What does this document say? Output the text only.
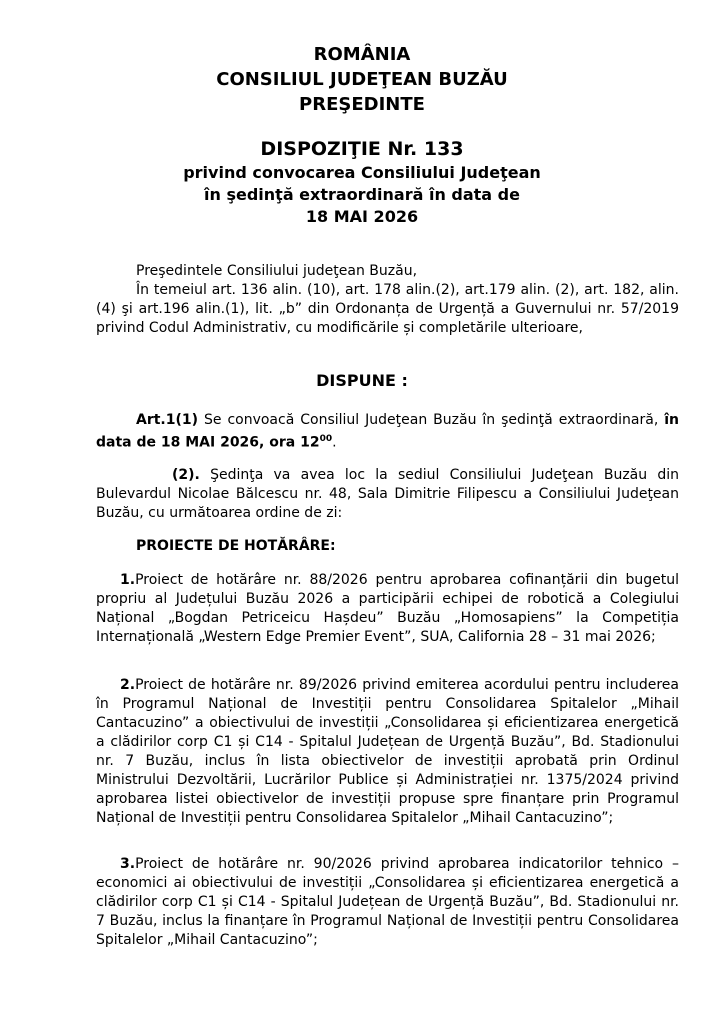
ROMÂNIA
CONSILIUL JUDEŢEAN BUZĂU
PREŞEDINTE
DISPOZIŢIE Nr. 133
privind convocarea Consiliului Judeţean
în şedinţă extraordinară în data de
18 MAI 2026
Preşedintele Consiliului judeţean Buzău,
În temeiul art. 136 alin. (10), art. 178 alin.(2), art.179 alin. (2), art. 182, alin. (4) şi art.196 alin.(1), lit. „b” din Ordonanța de Urgență a Guvernului nr. 57/2019 privind Codul Administrativ, cu modificările și completările ulterioare,
DISPUNE :
Art.1(1) Se convoacă Consiliul Judeţean Buzău în şedinţă extraordinară, în data de 18 MAI 2026, ora $12^{00}$.
(2). Şedinţa va avea loc la sediul Consiliului Judeţean Buzău din Bulevardul Nicolae Bălcescu nr. 48, Sala Dimitrie Filipescu a Consiliului Judeţean Buzău, cu următoarea ordine de zi:
PROIECTE DE HOTĂRÂRE:
1.Proiect de hotărâre nr. 88/2026 pentru aprobarea cofinanțării din bugetul propriu al Județului Buzău 2026 a participării echipei de robotică a Colegiului Național „Bogdan Petriceicu Hașdeu” Buzău „Homosapiens” la Competiția Internațională „Western Edge Premier Event”, SUA, California 28 – 31 mai 2026;
2.Proiect de hotărâre nr. 89/2026 privind emiterea acordului pentru includerea în Programul Național de Investiții pentru Consolidarea Spitalelor „Mihail Cantacuzino” a obiectivului de investiții „Consolidarea și eficientizarea energetică a clădirilor corp C1 și C14 - Spitalul Județean de Urgență Buzău”, Bd. Stadionului nr. 7 Buzău, inclus în lista obiectivelor de investiții aprobată prin Ordinul Ministrului Dezvoltării, Lucrărilor Publice și Administrației nr. 1375/2024 privind aprobarea listei obiectivelor de investiții propuse spre finanțare prin Programul Național de Investiții pentru Consolidarea Spitalelor „Mihail Cantacuzino”;
3.Proiect de hotărâre nr. 90/2026 privind aprobarea indicatorilor tehnico – economici ai obiectivului de investiții „Consolidarea și eficientizarea energetică a clădirilor corp C1 și C14 - Spitalul Județean de Urgență Buzău”, Bd. Stadionului nr. 7 Buzău, inclus la finanțare în Programul Național de Investiții pentru Consolidarea Spitalelor „Mihail Cantacuzino”;
